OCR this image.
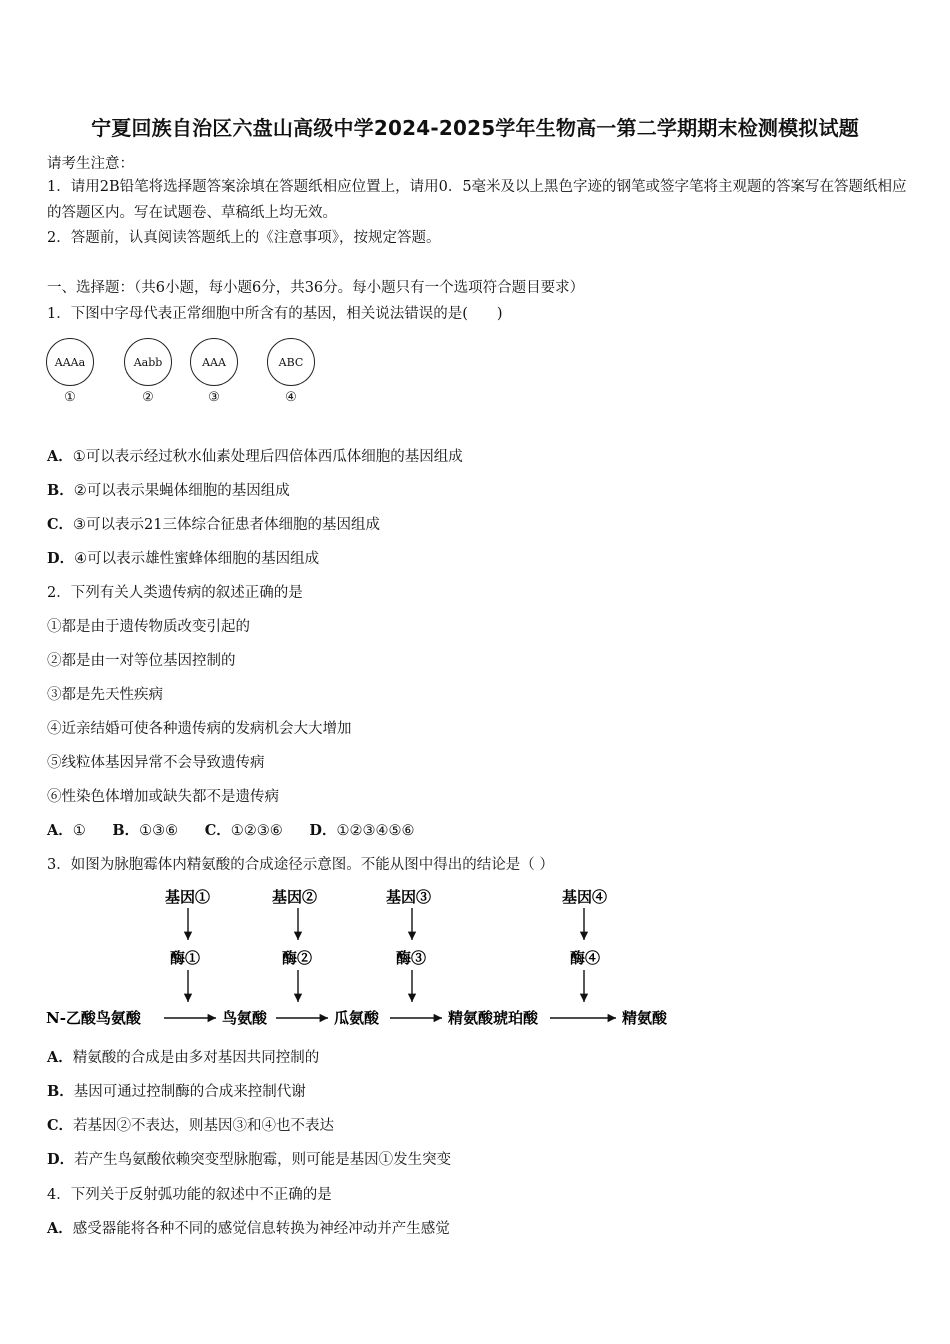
宁夏回族自治区六盘山高级中学2024-2025学年生物高一第二学期期末检测模拟试题
请考生注意：
1．请用2B铅笔将选择题答案涂填在答题纸相应位置上，请用0．5毫米及以上黑色字迹的钢笔或签字笔将主观题的答案写在答题纸相应的答题区内。写在试题卷、草稿纸上均无效。
2．答题前，认真阅读答题纸上的《注意事项》，按规定答题。
一、选择题：（共6小题，每小题6分，共36分。每小题只有一个选项符合题目要求）
1．下图中字母代表正常细胞中所含有的基因，相关说法错误的是(　　)
AAAa
①
Aabb
②
AAA
③
ABC
④
A．①可以表示经过秋水仙素处理后四倍体西瓜体细胞的基因组成
B．②可以表示果蝇体细胞的基因组成
C．③可以表示21三体综合征患者体细胞的基因组成
D．④可以表示雄性蜜蜂体细胞的基因组成
2．下列有关人类遗传病的叙述正确的是
①都是由于遗传物质改变引起的
②都是由一对等位基因控制的
③都是先天性疾病
④近亲结婚可使各种遗传病的发病机会大大增加
⑤线粒体基因异常不会导致遗传病
⑥性染色体增加或缺失都不是遗传病
A．① B．①③⑥ C．①②③⑥ D．①②③④⑤⑥
3．如图为脉胞霉体内精氨酸的合成途径示意图。不能从图中得出的结论是（ ）
基因①	基因②	基因③	基因④
酶①	酶②	酶③	酶④
N-乙酸鸟氨酸	鸟氨酸	瓜氨酸	精氨酸琥珀酸	精氨酸
A．精氨酸的合成是由多对基因共同控制的
B．基因可通过控制酶的合成来控制代谢
C．若基因②不表达，则基因③和④也不表达
D．若产生鸟氨酸依赖突变型脉胞霉，则可能是基因①发生突变
4．下列关于反射弧功能的叙述中不正确的是
A．感受器能将各种不同的感觉信息转换为神经冲动并产生感觉
